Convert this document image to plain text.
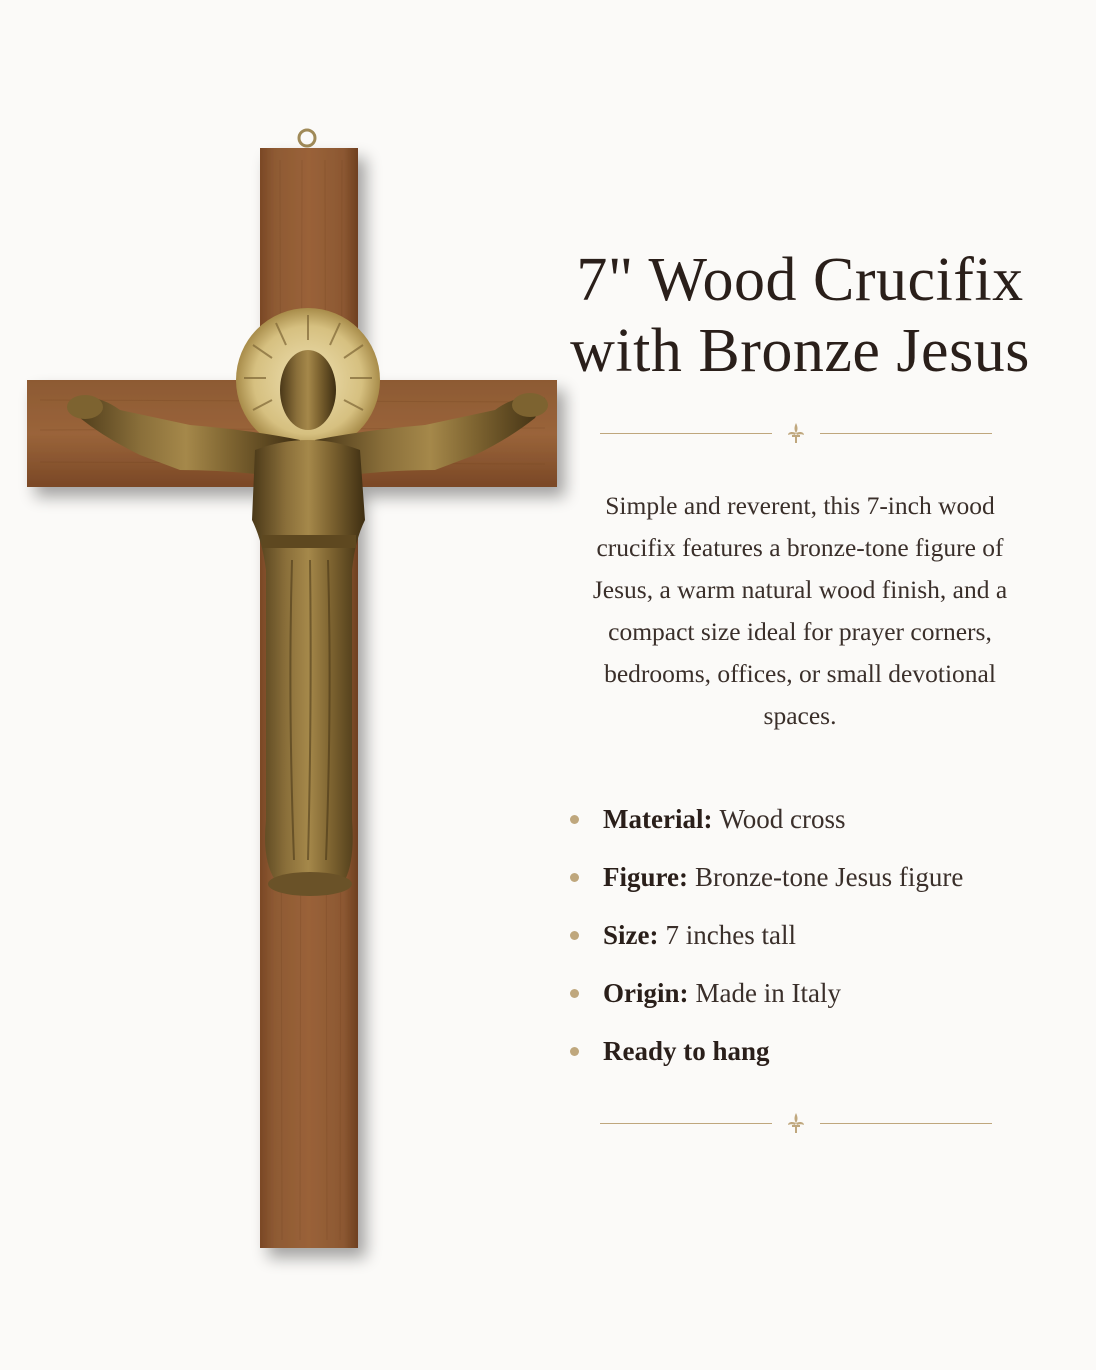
7" Wood Crucifix
with Bronze Jesus

Simple and reverent, this 7-inch wood crucifix features a bronze-tone figure of Jesus, a warm natural wood finish, and a compact size ideal for prayer corners, bedrooms, offices, or small devotional spaces.

Material: Wood cross
Figure: Bronze-tone Jesus figure
Size: 7 inches tall
Origin: Made in Italy
Ready to hang
